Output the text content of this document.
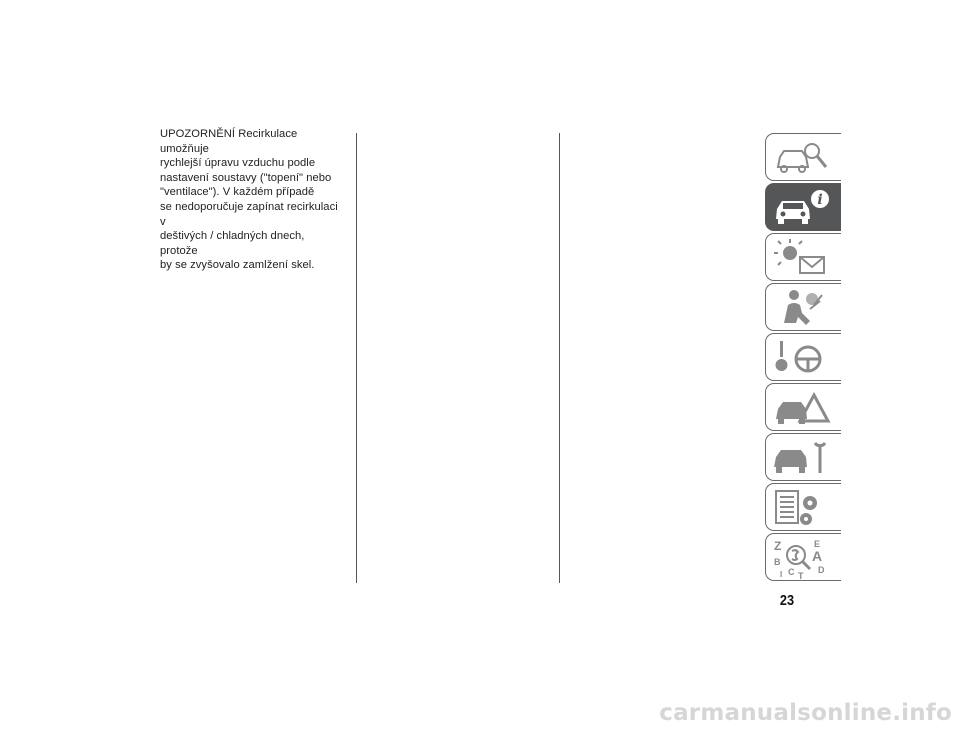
UPOZORNĚNÍ Recirkulace umožňuje

rychlejší úpravu vzduchu podle

nastavení soustavy ("topení" nebo

"ventilace"). V každém případě

se nedoporučuje zapínat recirkulaci v

deštivých / chladných dnech, protože

by se zvyšovalo zamlžení skel.

i
Z	E
B A
I C T
D
23
carmanualsonline.info
